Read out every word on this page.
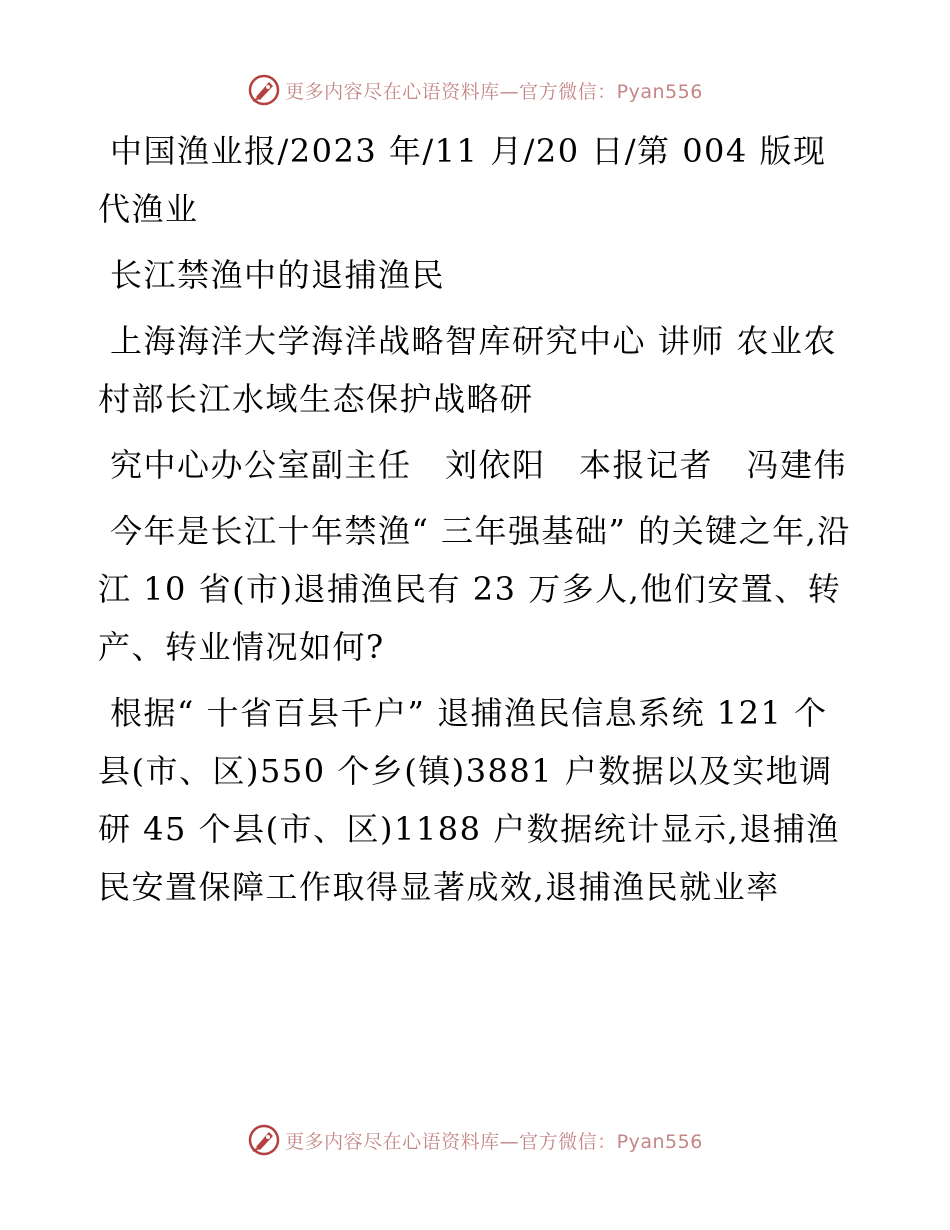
更多内容尽在心语资料库—官方微信：Pyan556

中国渔业报/2023 年/11 月/20 日/第 004 版现代渔业

长江禁渔中的退捕渔民

上海海洋大学海洋战略智库研究中心 讲师 农业农村部长江水域生态保护战略研

究中心办公室副主任　刘依阳　本报记者　冯建伟

今年是长江十年禁渔“ 三年强基础” 的关键之年,沿江 10 省(市)退捕渔民有 23 万多人,他们安置、转产、转业情况如何?

根据“ 十省百县千户” 退捕渔民信息系统 121 个县(市、区)550 个乡(镇)3881 户数据以及实地调研 45 个县(市、区)1188 户数据统计显示,退捕渔民安置保障工作取得显著成效,退捕渔民就业率

更多内容尽在心语资料库—官方微信：Pyan556
